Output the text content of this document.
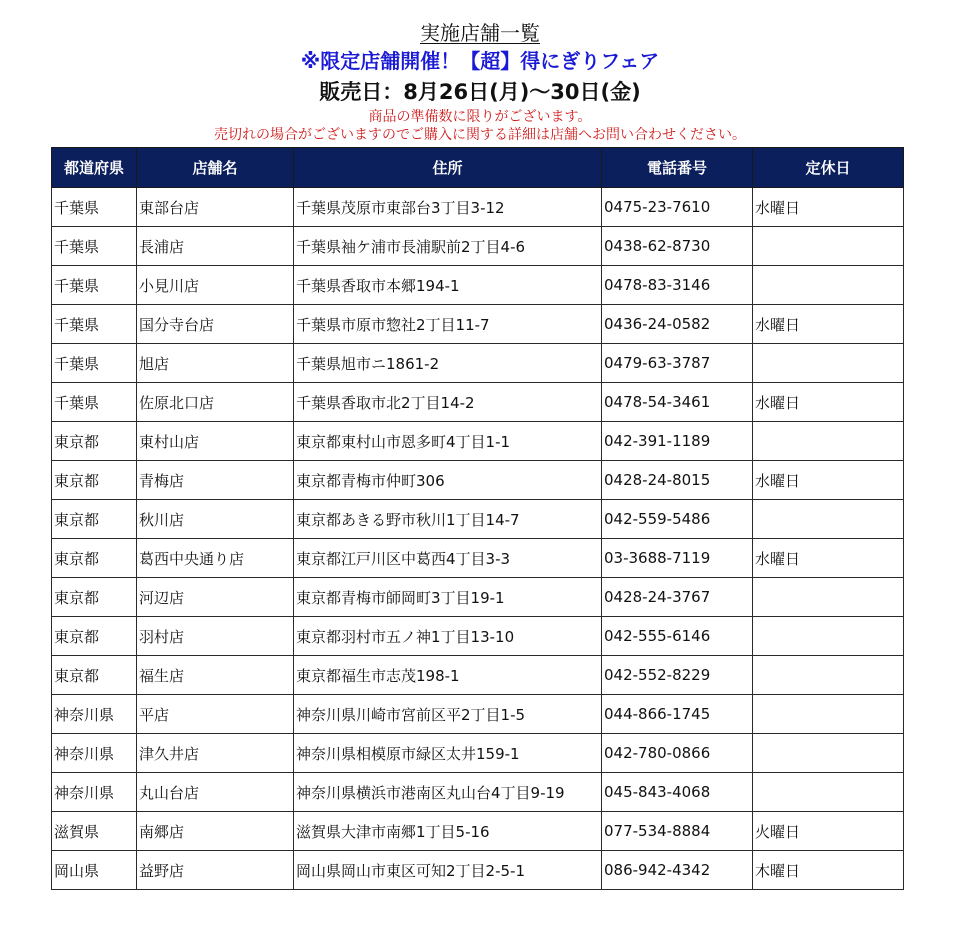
実施店舗一覧
※限定店舗開催！【超】得にぎりフェア
販売日：8月26日(月)～30日(金)
商品の準備数に限りがございます。
売切れの場合がございますのでご購入に関する詳細は店舗へお問い合わせください。
都道府県	店舗名	住所	電話番号	定休日
千葉県	東部台店	千葉県茂原市東部台3丁目3-12	0475-23-7610	水曜日
千葉県	長浦店	千葉県袖ケ浦市長浦駅前2丁目4-6	0438-62-8730	
千葉県	小見川店	千葉県香取市本郷194-1	0478-83-3146	
千葉県	国分寺台店	千葉県市原市惣社2丁目11-7	0436-24-0582	水曜日
千葉県	旭店	千葉県旭市ニ1861-2	0479-63-3787	
千葉県	佐原北口店	千葉県香取市北2丁目14-2	0478-54-3461	水曜日
東京都	東村山店	東京都東村山市恩多町4丁目1-1	042-391-1189	
東京都	青梅店	東京都青梅市仲町306	0428-24-8015	水曜日
東京都	秋川店	東京都あきる野市秋川1丁目14-7	042-559-5486	
東京都	葛西中央通り店	東京都江戸川区中葛西4丁目3-3	03-3688-7119	水曜日
東京都	河辺店	東京都青梅市師岡町3丁目19-1	0428-24-3767	
東京都	羽村店	東京都羽村市五ノ神1丁目13-10	042-555-6146	
東京都	福生店	東京都福生市志茂198-1	042-552-8229	
神奈川県	平店	神奈川県川崎市宮前区平2丁目1-5	044-866-1745	
神奈川県	津久井店	神奈川県相模原市緑区太井159-1	042-780-0866	
神奈川県	丸山台店	神奈川県横浜市港南区丸山台4丁目9-19	045-843-4068	
滋賀県	南郷店	滋賀県大津市南郷1丁目5-16	077-534-8884	火曜日
岡山県	益野店	岡山県岡山市東区可知2丁目2-5-1	086-942-4342	木曜日
